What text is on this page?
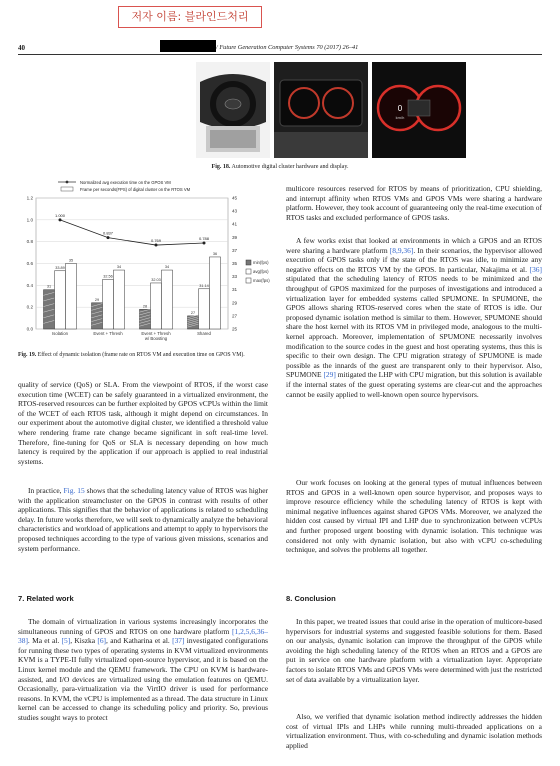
저자 이름: 블라인드처리
40	/ Future Generation Computer Systems 70 (2017) 26–41
0
km/h
Fig. 18. Automotive digital cluster hardware and display.
Normalized avg execution time on the GPOS VM
Frame per seconds(FPS) of digital cluster on the RTOS VM
0.0
0.2
0.4
0.6
0.8
1.0
1.2
25
27
29
31
33
35
37
39
41
43
45
31
33.89
35
Isolation
29
32.56
34
Event + Thresh
28
32.03
34
Event + Thresh
w/ Boosting
27
31.14
36
Shared
1.000
0.837
0.769	0.788
min(fps)
avg(fps)
max(fps)
Fig. 19. Effect of dynamic isolation (frame rate on RTOS VM and execution time on GPOS VM).
quality of service (QoS) or SLA. From the viewpoint of RTOS, if the worst case execution time (WCET) can be safely guaranteed in a virtualized environment, the RTOS-reserved resources can be further exploited by GPOS vCPUs within the limit of the WCET of each RTOS task, although it might depend on circumstances. In our experiment about the automotive digital cluster, we identified a threshold value where rendering frame rate change became significant in soft real-time level. Therefore, fine-tuning for QoS or SLA is necessary depending on how much latency is required by the application if our approach is applied to real industrial systems.
In practice, Fig. 15 shows that the scheduling latency value of RTOS was higher with the application streamcluster on the GPOS in contrast with results of other applications. This signifies that the behavior of applications is related to scheduling delay. In future works therefore, we will seek to dynamically analyze the behavioral characteristics and workload of applications and attempt to apply to hypervisors the proposed techniques according to the type of various given missions, scenarios and system performance.
7. Related work
The domain of virtualization in various systems increasingly incorporates the simultaneous running of GPOS and RTOS on one hardware platform [1,2,5,6,36–38]. Ma et al. [5], Kiszka [6], and Katharina et al. [37] investigated configurations for running these two types of operating systems in KVM virtualized environments KVM is a TYPE-II fully virtualized open-source hypervisor, and it is based on the Linux kernel module and the QEMU framework. The CPU on KVM is hardware-assisted, and I/O devices are virtualized using the emulation features on QEMU. Occasionally, para-virtualization via the VirtIO driver is used for performance reasons. In KVM, the vCPU is implemented as a thread. The data structure in Linux kernel can be accessed to change its scheduling policy and priority. So, previous studies sought ways to protect
multicore resources reserved for RTOS by means of prioritization, CPU shielding, and interrupt affinity when RTOS VMs and GPOS VMs were sharing a hardware platform. However, they took account of guaranteeing only the real-time execution of RTOS tasks and excluded performance of GPOS tasks.
A few works exist that looked at environments in which a GPOS and an RTOS were sharing a hardware platform [8,9,36]. In their scenarios, the hypervisor allowed execution of GPOS tasks only if the state of the RTOS was idle, to minimize any negative effects on the RTOS VM by the GPOS. In particular, Nakajima et al. [36] stipulated that the scheduling latency of RTOS needs to be minimized and the throughput of GPOS maximized for the purposes of investigations and introduced a virtualization layer for embedded systems called SPUMONE. In SPUMONE, the GPOS allows sharing RTOS-reserved cores when the state of RTOS is idle. Our proposed dynamic isolation method is similar to them. However, SPUMONE should share the host kernel with its RTOS VM in privileged mode, analogous to the multi-kernel approach. Moreover, implementation of SPUMONE necessarily involves modification to the source codes in the guest and host operating systems, thus this is specific to their own design. The CPU migration strategy of SPUMONE is made possible as the innards of the guest are transparent only to their hypervisor. Also, SPUMONE [29] mitigated the LHP with CPU migration, but this solution is available if the internal states of the guest operating systems are clear-cut and the approaches cannot be easily applied to well-known open source hypervisors.
Our work focuses on looking at the general types of mutual influences between RTOS and GPOS in a well-known open source hypervisor, and proposes ways to improve resource efficiency while the scheduling latency of RTOS is kept with minimal negative influences against shared GPOS VMs. Moreover, we analyzed the hidden cost caused by virtual IPI and LHP due to synchronization between vCPUs and further proposed urgent boosting with dynamic isolation. This technique was considered not only with dynamic isolation, but also with vCPU co-scheduling technique, and solves the problems all together.
8. Conclusion
In this paper, we treated issues that could arise in the operation of multicore-based hypervisors for industrial systems and suggested feasible solutions for them. Based on our analysis, dynamic isolation can improve the throughput of the GPOS while avoiding the high scheduling latency of the RTOS when an RTOS and a GPOS are put in service on one hardware platform with a virtualization layer. Appropriate factors to isolate RTOS VMs and GPOS VMs were determined with just the restricted set of data available by a virtualization layer.
Also, we verified that dynamic isolation method indirectly addresses the hidden cost of virtual IPIs and LHPs while running multi-threaded applications on a virtualization environment. Thus, with co-scheduling and dynamic isolation methods applied
